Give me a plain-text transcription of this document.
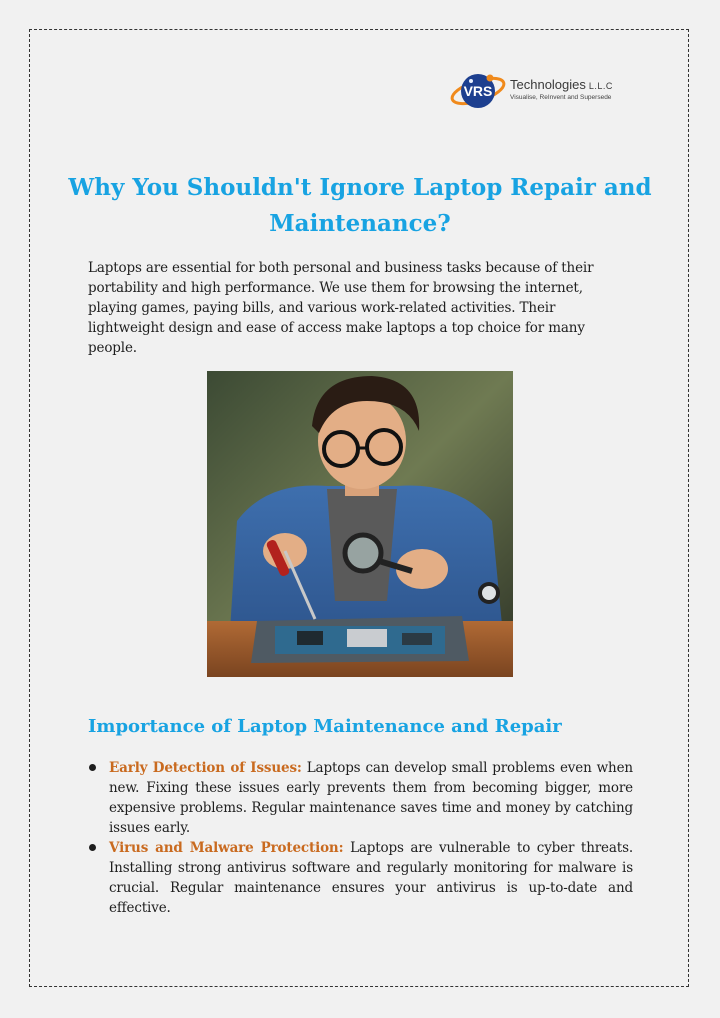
VRS Technologies L.L.C
Visualise, ReInvent and Supersede
Why You Shouldn't Ignore Laptop Repair and Maintenance?

Laptops are essential for both personal and business tasks because of their portability and high performance. We use them for browsing the internet, playing games, paying bills, and various work-related activities. Their lightweight design and ease of access make laptops a top choice for many people.

Importance of Laptop Maintenance and Repair
Early Detection of Issues: Laptops can develop small problems even when new. Fixing these issues early prevents them from becoming bigger, more expensive problems. Regular maintenance saves time and money by catching issues early.
Virus and Malware Protection: Laptops are vulnerable to cyber threats. Installing strong antivirus software and regularly monitoring for malware is crucial. Regular maintenance ensures your antivirus is up-to-date and effective.
